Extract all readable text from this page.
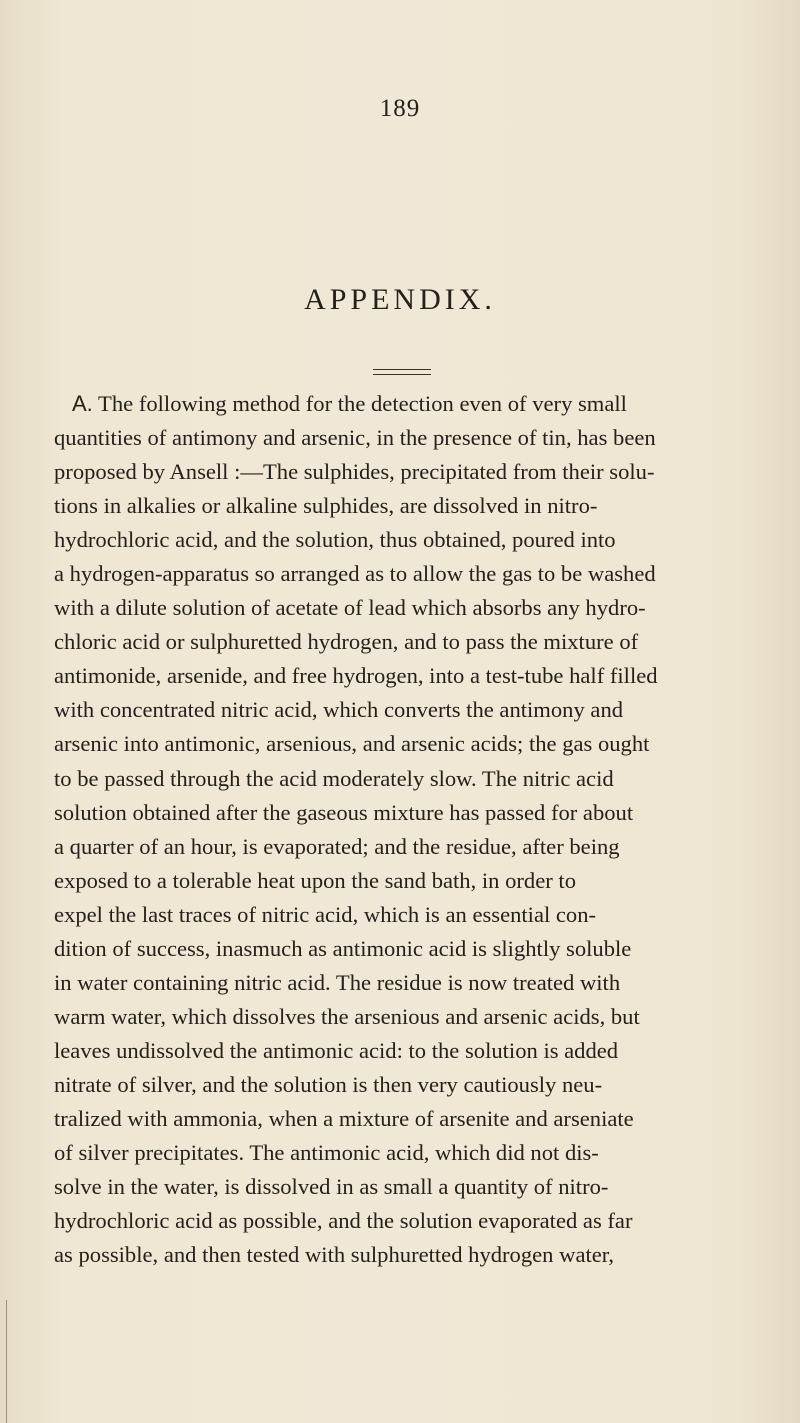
189
APPENDIX.
A. The following method for the detection even of very small
quantities of antimony and arsenic, in the presence of tin, has been
proposed by Ansell :—The sulphides, precipitated from their solu-
tions in alkalies or alkaline sulphides, are dissolved in nitro-
hydrochloric acid, and the solution, thus obtained, poured into
a hydrogen-apparatus so arranged as to allow the gas to be washed
with a dilute solution of acetate of lead which absorbs any hydro-
chloric acid or sulphuretted hydrogen, and to pass the mixture of
antimonide, arsenide, and free hydrogen, into a test-tube half filled
with concentrated nitric acid, which converts the antimony and
arsenic into antimonic, arsenious, and arsenic acids; the gas ought
to be passed through the acid moderately slow. The nitric acid
solution obtained after the gaseous mixture has passed for about
a quarter of an hour, is evaporated; and the residue, after being
exposed to a tolerable heat upon the sand bath, in order to
expel the last traces of nitric acid, which is an essential con-
dition of success, inasmuch as antimonic acid is slightly soluble
in water containing nitric acid. The residue is now treated with
warm water, which dissolves the arsenious and arsenic acids, but
leaves undissolved the antimonic acid: to the solution is added
nitrate of silver, and the solution is then very cautiously neu-
tralized with ammonia, when a mixture of arsenite and arseniate
of silver precipitates. The antimonic acid, which did not dis-
solve in the water, is dissolved in as small a quantity of nitro-
hydrochloric acid as possible, and the solution evaporated as far
as possible, and then tested with sulphuretted hydrogen water,
